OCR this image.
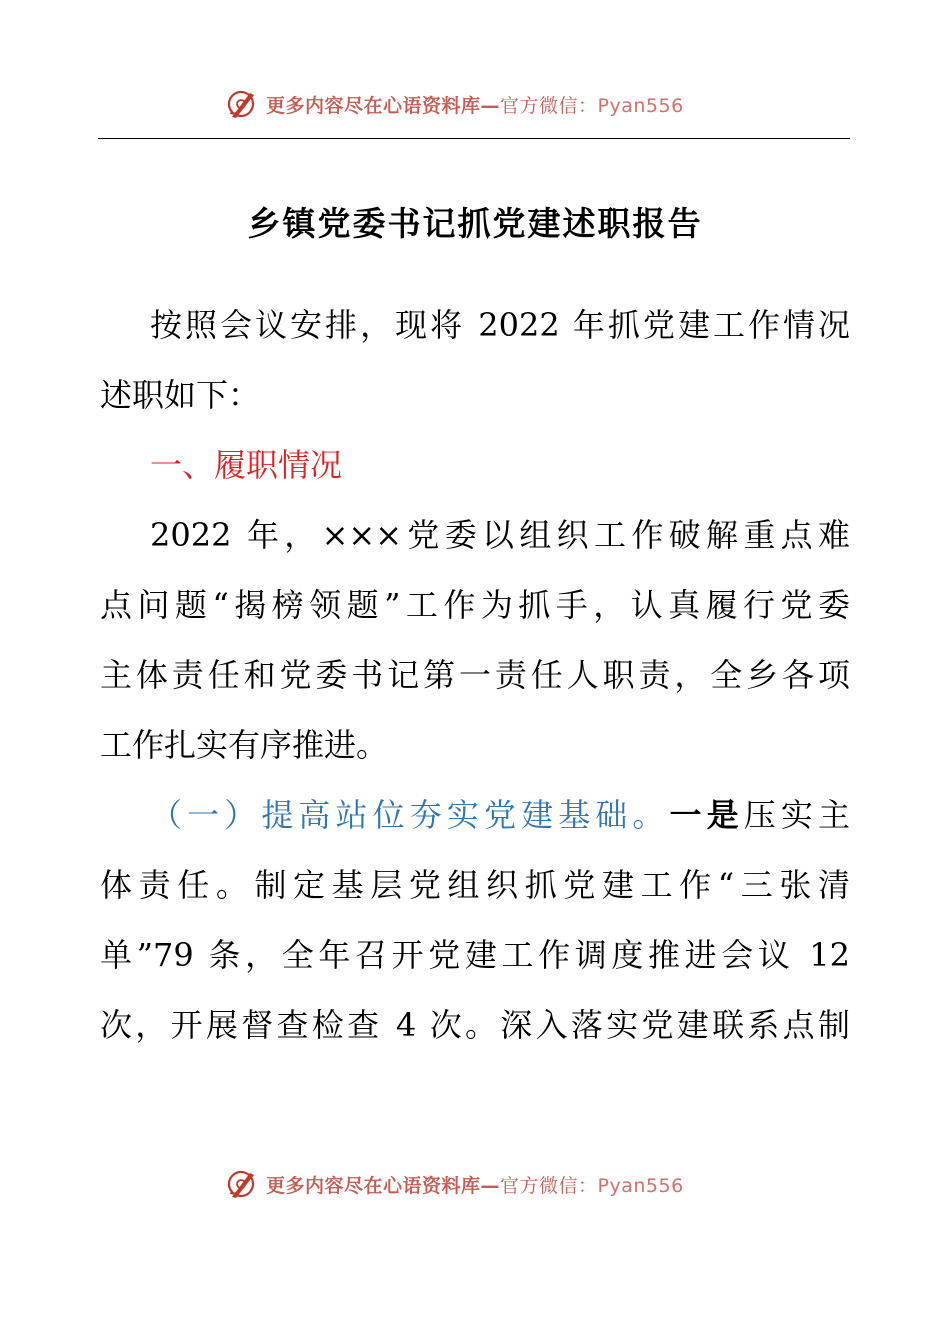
更多内容尽在心语资料库—官方微信：Pyan556
乡镇党委书记抓党建述职报告
按照会议安排，现将 2022 年抓党建工作情况
述职如下：
一、履职情况
2022 年，×××党委以组织工作破解重点难
点问题“揭榜领题”工作为抓手，认真履行党委
主体责任和党委书记第一责任人职责，全乡各项
工作扎实有序推进。
（一）提高站位夯实党建基础。一是压实主
体责任。制定基层党组织抓党建工作“三张清
单”79 条，全年召开党建工作调度推进会议 12
次，开展督查检查 4 次。深入落实党建联系点制
更多内容尽在心语资料库—官方微信：Pyan556
